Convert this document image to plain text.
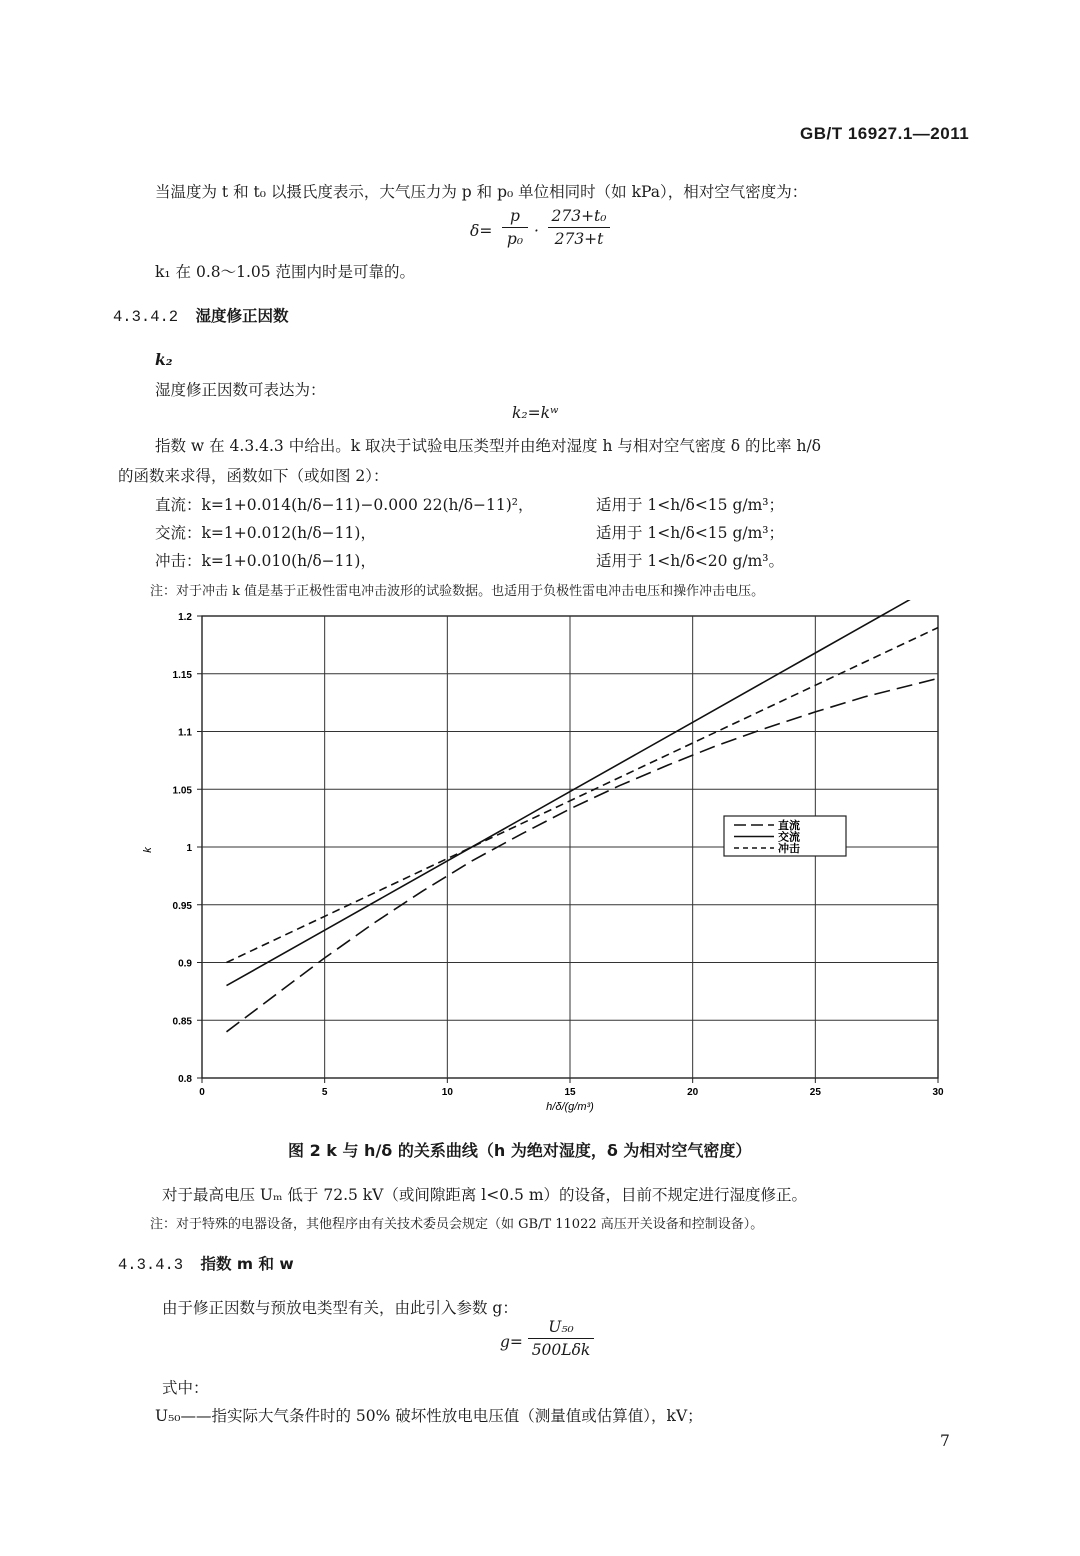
GB/T 16927.1—2011
当温度为 t 和 t₀ 以摄氏度表示，大气压力为 p 和 p₀ 单位相同时（如 kPa），相对空气密度为：
δ=
p
p₀ ·
273+t₀
273+t
k₁ 在 0.8～1.05 范围内时是可靠的。
4.3.4.2 湿度修正因数
k₂
湿度修正因数可表达为：
k₂=kʷ
指数 w 在 4.3.4.3 中给出。k 取决于试验电压类型并由绝对湿度 h 与相对空气密度 δ 的比率 h/δ
的函数来求得，函数如下（或如图 2）：
直流：k=1+0.014(h/δ−11)−0.000 22(h/δ−11)²，	适用于 1<h/δ<15 g/m³；
交流：k=1+0.012(h/δ−11)，	适用于 1<h/δ<15 g/m³；
冲击：k=1+0.010(h/δ−11)，	适用于 1<h/δ<20 g/m³。
注：对于冲击 k 值是基于正极性雷电冲击波形的试验数据。也适用于负极性雷电冲击电压和操作冲击电压。
0	5	10	15	20	25	30
0.8
0.85
0.9
0.95
1
1.05
1.1
1.15
1.2
直流
交流
冲击
k
h/δ/(g/m³)
图 2 k 与 h/δ 的关系曲线（h 为绝对湿度，δ 为相对空气密度）
对于最高电压 Uₘ 低于 72.5 kV（或间隙距离 l<0.5 m）的设备，目前不规定进行湿度修正。
注：对于特殊的电器设备，其他程序由有关技术委员会规定（如 GB/T 11022 高压开关设备和控制设备）。
4.3.4.3 指数 m 和 w
由于修正因数与预放电类型有关，由此引入参数 g：
g=
U₅₀
500Lδk
式中：
U₅₀——指实际大气条件时的 50% 破坏性放电电压值（测量值或估算值），kV；
7
